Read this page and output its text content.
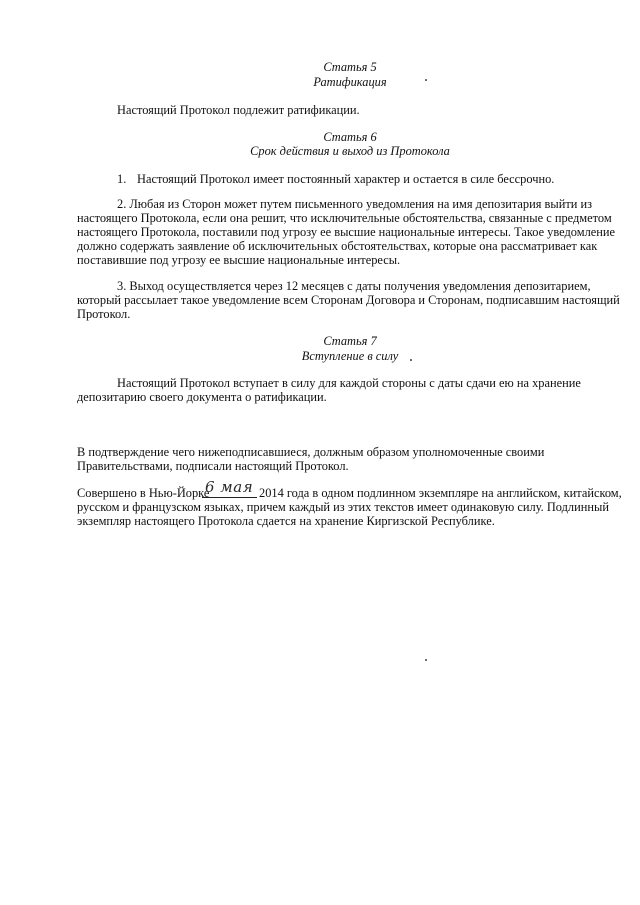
Статья 5
Ратификация
Настоящий Протокол подлежит ратификации.
Статья 6
Срок действия и выход из Протокола
1. Настоящий Протокол имеет постоянный характер и остается в силе бессрочно.
2. Любая из Сторон может путем письменного уведомления на имя депозитария выйти из
настоящего Протокола, если она решит, что исключительные обстоятельства, связанные с предметом
настоящего Протокола, поставили под угрозу ее высшие национальные интересы. Такое уведомление
должно содержать заявление об исключительных обстоятельствах, которые она рассматривает как
поставившие под угрозу ее высшие национальные интересы.
3. Выход осуществляется через 12 месяцев с даты получения уведомления депозитарием,
который рассылает такое уведомление всем Сторонам Договора и Сторонам, подписавшим настоящий
Протокол.
Статья 7
Вступление в силу
Настоящий Протокол вступает в силу для каждой стороны с даты сдачи ею на хранение
депозитарию своего документа о ратификации.
В подтверждение чего нижеподписавшиеся, должным образом уполномоченные своими
Правительствами, подписали настоящий Протокол.
Совершено в Нью-Йорке
6 мая 2014 года в одном подлинном экземпляре на английском, китайском,
русском и французском языках, причем каждый из этих текстов имеет одинаковую силу. Подлинный
экземпляр настоящего Протокола сдается на хранение Киргизской Республике.
